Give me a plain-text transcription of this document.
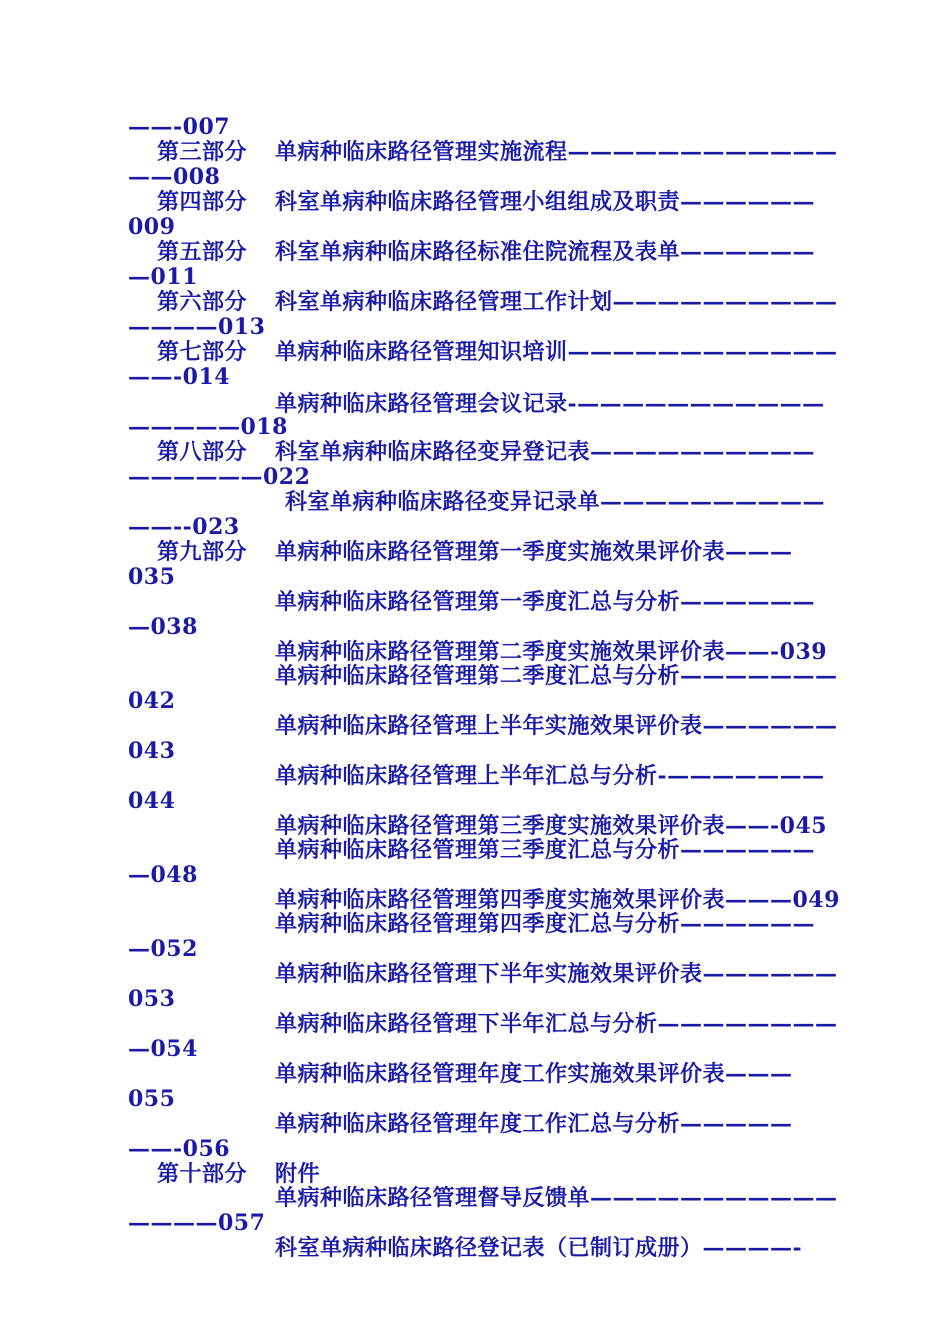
——-007
第三部分 单病种临床路径管理实施流程————————————
——008
第四部分 科室单病种临床路径管理小组组成及职责——————
009
第五部分 科室单病种临床路径标准住院流程及表单——————
—011
第六部分 科室单病种临床路径管理工作计划——————————
————013
第七部分 单病种临床路径管理知识培训————————————
——-014
单病种临床路径管理会议记录-———————————
—————018
第八部分 科室单病种临床路径变异登记表——————————
——————022
科室单病种临床路径变异记录单——————————
——--023
第九部分 单病种临床路径管理第一季度实施效果评价表———
035
单病种临床路径管理第一季度汇总与分析——————
—038
单病种临床路径管理第二季度实施效果评价表——-039
单病种临床路径管理第二季度汇总与分析———————
042
单病种临床路径管理上半年实施效果评价表——————
043
单病种临床路径管理上半年汇总与分析-———————
044
单病种临床路径管理第三季度实施效果评价表——-045
单病种临床路径管理第三季度汇总与分析——————
—048
单病种临床路径管理第四季度实施效果评价表———049
单病种临床路径管理第四季度汇总与分析——————
—052
单病种临床路径管理下半年实施效果评价表——————
053
单病种临床路径管理下半年汇总与分析————————
—054
单病种临床路径管理年度工作实施效果评价表———
055
单病种临床路径管理年度工作汇总与分析—————
——-056
第十部分 附件
单病种临床路径管理督导反馈单———————————
————057
科室单病种临床路径登记表（已制订成册）————-
